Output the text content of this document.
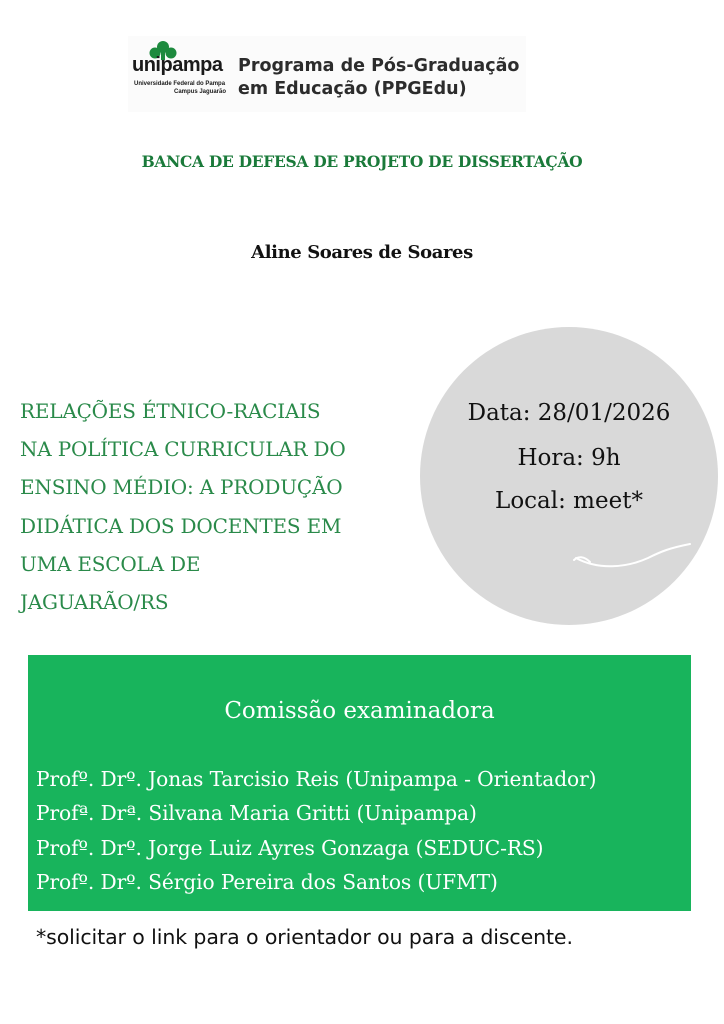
unipampa
Universidade Federal do Pampa
Campus Jaguarão
Programa de Pós-Graduação
em Educação (PPGEdu)
BANCA DE DEFESA DE PROJETO DE DISSERTAÇÃO
Aline Soares de Soares
RELAÇÕES ÉTNICO-RACIAIS
NA POLÍTICA CURRICULAR DO
ENSINO MÉDIO: A PRODUÇÃO
DIDÁTICA DOS DOCENTES EM
UMA ESCOLA DE
JAGUARÃO/RS
Data: 28/01/2026
Hora: 9h
Local: meet*
Comissão examinadora
Profº. Drº. Jonas Tarcisio Reis (Unipampa - Orientador)
Profª. Drª. Silvana Maria Gritti (Unipampa)
Profº. Drº. Jorge Luiz Ayres Gonzaga (SEDUC-RS)
Profº. Drº. Sérgio Pereira dos Santos (UFMT)
*solicitar o link para o orientador ou para a discente.
